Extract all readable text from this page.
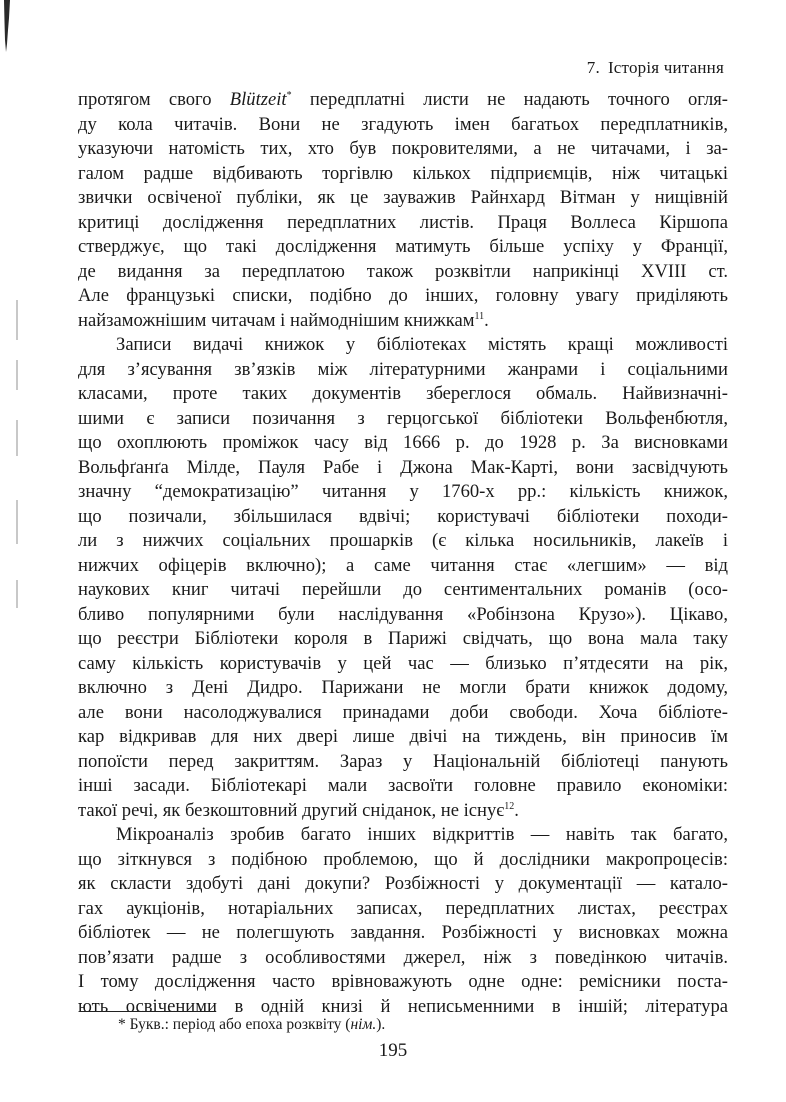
7. Історія читання
протягом свого Blützeit* передплатні листи не надають точного огля-
ду кола читачів. Вони не згадують імен багатьох передплатників,
указуючи натомість тих, хто був покровителями, а не читачами, і за-
галом радше відбивають торгівлю кількох підприємців, ніж читацькі
звички освіченої публіки, як це зауважив Райнхард Вітман у нищівній
критиці дослідження передплатних листів. Праця Воллеса Кіршопа
стверджує, що такі дослідження матимуть більше успіху у Франції,
де видання за передплатою також розквітли наприкінці XVIII ст.
Але французькі списки, подібно до інших, головну увагу приділяють
найзаможнішим читачам і наймоднішим книжкам$^{11}$.
Записи видачі книжок у бібліотеках містять кращі можливості
для з’ясування зв’язків між літературними жанрами і соціальними
класами, проте таких документів збереглося обмаль. Найвизначні-
шими є записи позичання з герцогської бібліотеки Вольфенбютля,
що охоплюють проміжок часу від 1666 р. до 1928 р. За висновками
Вольфґанґа Мілде, Пауля Рабе і Джона Мак-Карті, вони засвідчують
значну “демократизацію” читання у 1760-х рр.: кількість книжок,
що позичали, збільшилася вдвічі; користувачі бібліотеки походи-
ли з нижчих соціальних прошарків (є кілька носильників, лакеїв і
нижчих офіцерів включно); а саме читання стає «легшим» — від
наукових книг читачі перейшли до сентиментальних романів (осо-
бливо популярними були наслідування «Робінзона Крузо»). Цікаво,
що реєстри Бібліотеки короля в Парижі свідчать, що вона мала таку
саму кількість користувачів у цей час — близько п’ятдесяти на рік,
включно з Дені Дидро. Парижани не могли брати книжок додому,
але вони насолоджувалися принадами доби свободи. Хоча бібліоте-
кар відкривав для них двері лише двічі на тиждень, він приносив їм
попоїсти перед закриттям. Зараз у Національній бібліотеці панують
інші засади. Бібліотекарі мали засвоїти головне правило економіки:
такої речі, як безкоштовний другий сніданок, не існує$^{12}$.
Мікроаналіз зробив багато інших відкриттів — навіть так багато,
що зіткнувся з подібною проблемою, що й дослідники макропроцесів:
як скласти здобуті дані докупи? Розбіжності у документації — катало-
гах аукціонів, нотаріальних записах, передплатних листах, реєстрах
бібліотек — не полегшують завдання. Розбіжності у висновках можна
пов’язати радше з особливостями джерел, ніж з поведінкою читачів.
І тому дослідження часто врівноважують одне одне: ремісники поста-
ють освіченими в одній книзі й неписьменними в іншій; література
* Букв.: період або епоха розквіту (нім.).
195
